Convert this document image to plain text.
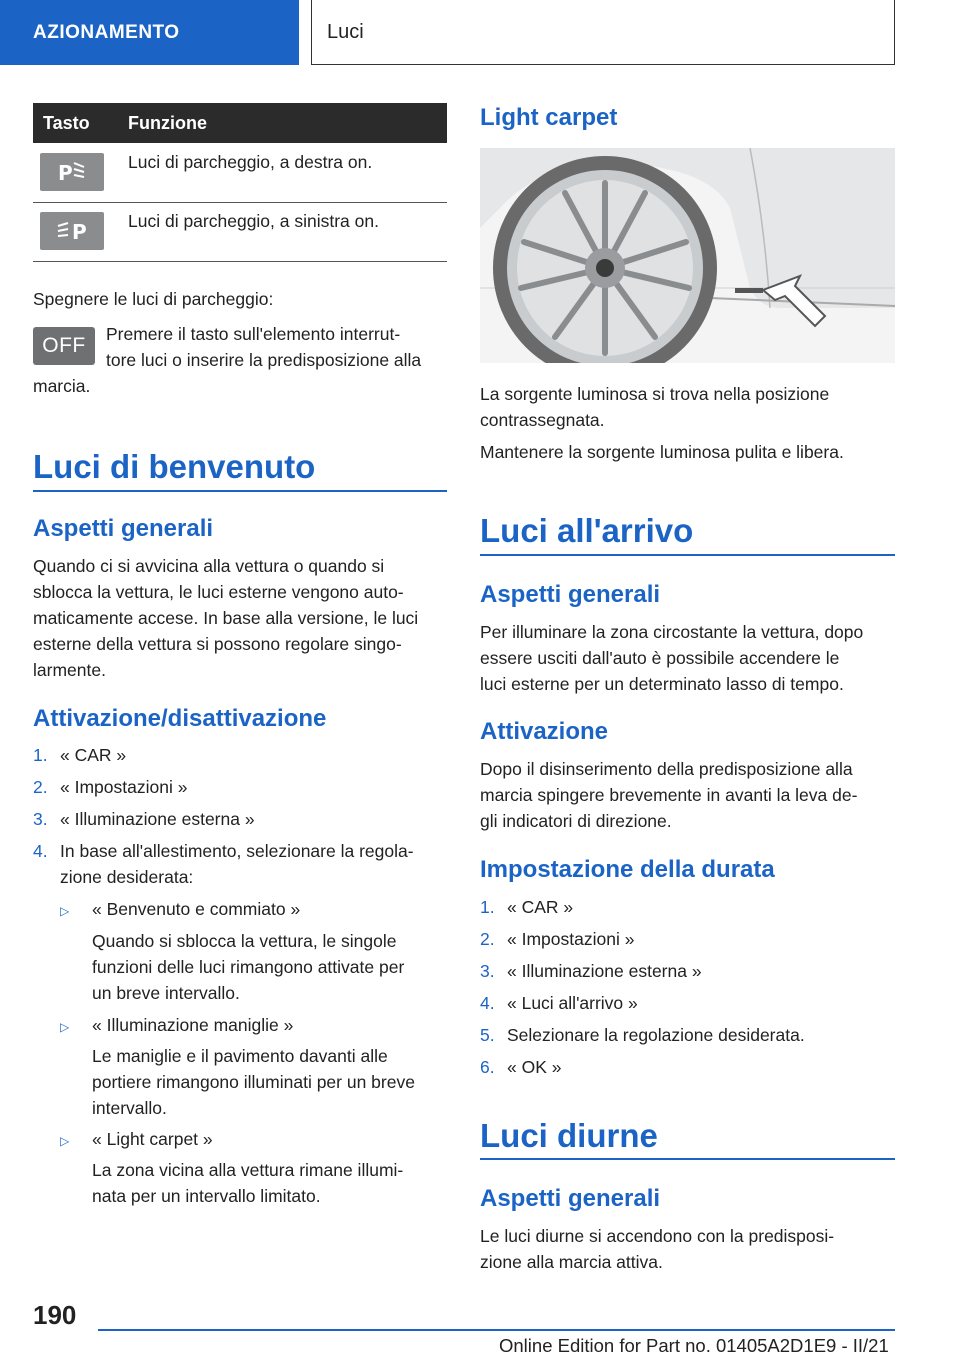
AZIONAMENTO	Luci
Tasto Funzione
P	Luci di parcheggio, a destra on.
P Luci di parcheggio, a sinistra on.

Spegnere le luci di parcheggio:

OFF	Premere il tasto sull'elemento interrut-

tore luci o inserire la predisposizione alla

marcia.

Luci di benvenuto
Aspetti generali

Quando ci si avvicina alla vettura o quando si

sblocca la vettura, le luci esterne vengono auto-

maticamente accese. In base alla versione, le luci

esterne della vettura si possono regolare singo-

larmente.

Attivazione/disattivazione

1. « CAR »

2. « Impostazioni »

3. « Illuminazione esterna »

4. In base all'allestimento, selezionare la regola-

zione desiderata:

▷ « Benvenuto e commiato »

Quando si sblocca la vettura, le singole

funzioni delle luci rimangono attivate per

un breve intervallo.

▷ « Illuminazione maniglie »

Le maniglie e il pavimento davanti alle

portiere rimangono illuminati per un breve

intervallo.

▷ « Light carpet »

La zona vicina alla vettura rimane illumi-

nata per un intervallo limitato.

Light carpet

La sorgente luminosa si trova nella posizione

contrassegnata.

Mantenere la sorgente luminosa pulita e libera.

Luci all'arrivo
Aspetti generali

Per illuminare la zona circostante la vettura, dopo

essere usciti dall'auto è possibile accendere le

luci esterne per un determinato lasso di tempo.

Attivazione

Dopo il disinserimento della predisposizione alla

marcia spingere brevemente in avanti la leva de-

gli indicatori di direzione.

Impostazione della durata

1. « CAR »

2. « Impostazioni »

3. « Illuminazione esterna »

4. « Luci all'arrivo »

5. Selezionare la regolazione desiderata.

6. « OK »

Luci diurne
Aspetti generali

Le luci diurne si accendono con la predisposi-

zione alla marcia attiva.

190
Online Edition for Part no. 01405A2D1E9 - II/21
